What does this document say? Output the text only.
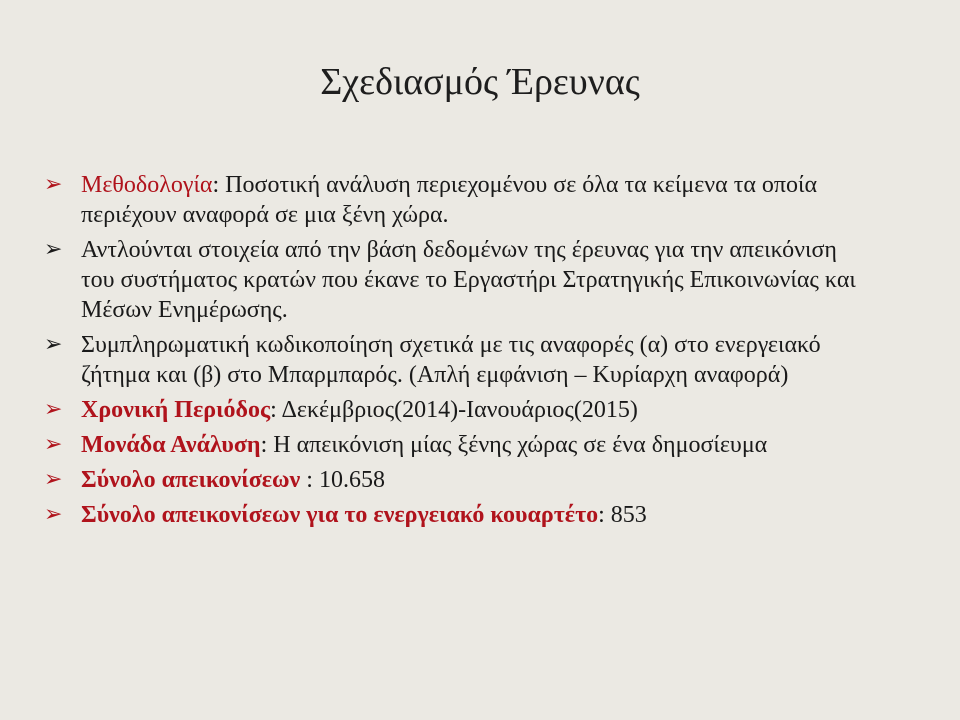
Σχεδιασμός Έρευνας
➢ Μεθοδολογία: Ποσοτική ανάλυση περιεχομένου σε όλα τα κείμενα τα οποία περιέχουν αναφορά σε μια ξένη χώρα.
➢ Αντλούνται στοιχεία από την βάση δεδομένων της έρευνας για την απεικόνιση του συστήματος κρατών που έκανε το Εργαστήρι Στρατηγικής Επικοινωνίας και Μέσων Ενημέρωσης.
➢ Συμπληρωματική κωδικοποίηση σχετικά με τις αναφορές (α) στο ενεργειακό ζήτημα και (β) στο Μπαρμπαρός. (Απλή εμφάνιση – Κυρίαρχη αναφορά)
➢ Χρονική Περιόδος: Δεκέμβριος(2014)-Ιανουάριος(2015)
➢ Μονάδα Ανάλυση: Η απεικόνιση μίας ξένης χώρας σε ένα δημοσίευμα
➢ Σύνολο απεικονίσεων : 10.658
➢ Σύνολο απεικονίσεων για το ενεργειακό κουαρτέτο: 853
